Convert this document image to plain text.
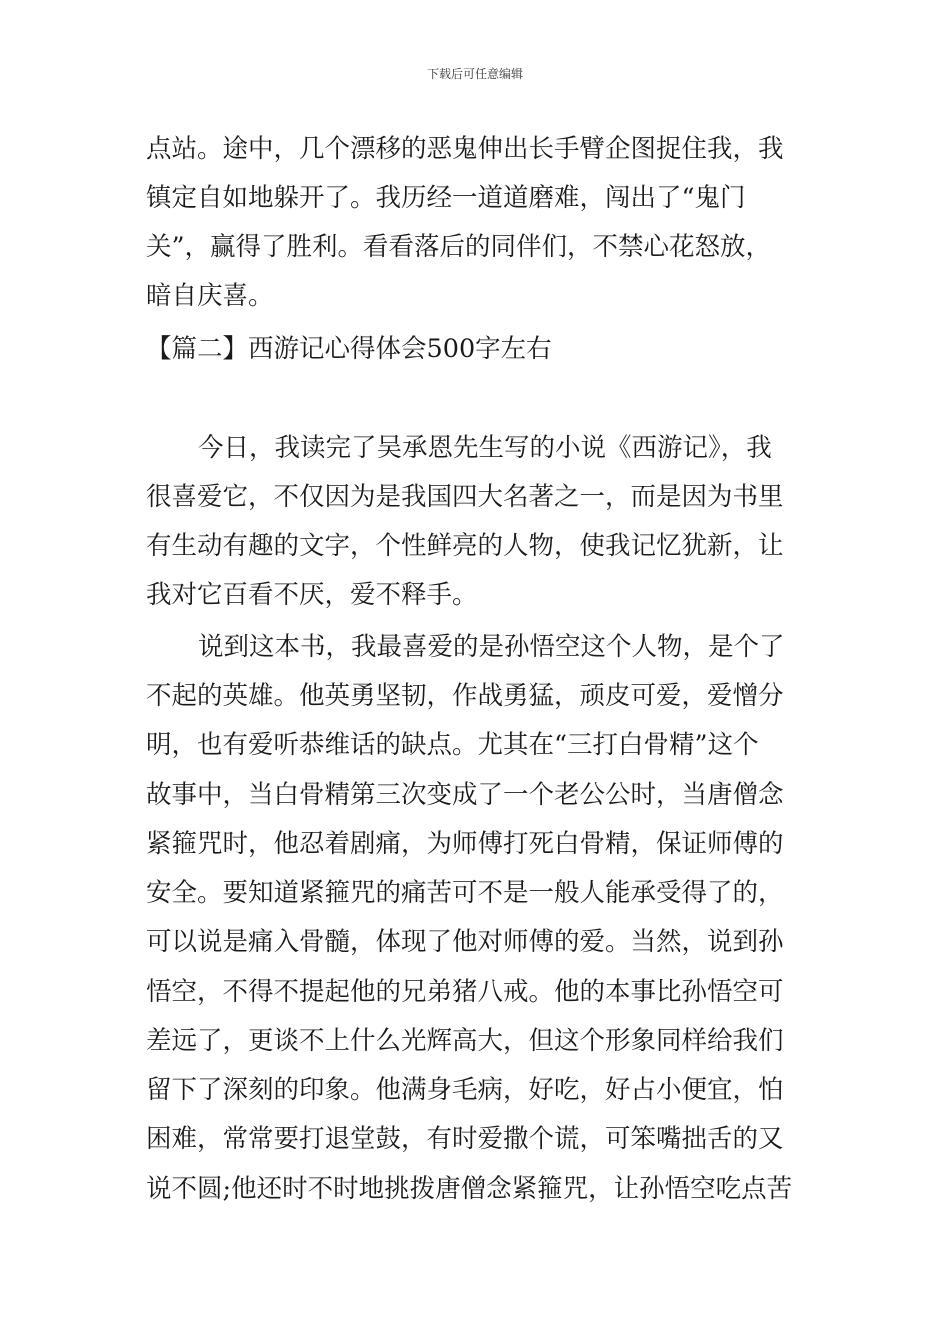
下载后可任意编辑
点站。途中，几个漂移的恶鬼伸出长手臂企图捉住我，我
镇定自如地躲开了。我历经一道道磨难，闯出了“鬼门
关”，赢得了胜利。看看落后的同伴们，不禁心花怒放，
暗自庆喜。
【篇二】西游记心得体会500字左右
今日，我读完了吴承恩先生写的小说《西游记》，我
很喜爱它，不仅因为是我国四大名著之一，而是因为书里
有生动有趣的文字，个性鲜亮的人物，使我记忆犹新，让
我对它百看不厌，爱不释手。
说到这本书，我最喜爱的是孙悟空这个人物，是个了
不起的英雄。他英勇坚韧，作战勇猛，顽皮可爱，爱憎分
明，也有爱听恭维话的缺点。尤其在“三打白骨精”这个
故事中，当白骨精第三次变成了一个老公公时，当唐僧念
紧箍咒时，他忍着剧痛，为师傅打死白骨精，保证师傅的
安全。要知道紧箍咒的痛苦可不是一般人能承受得了的，
可以说是痛入骨髓，体现了他对师傅的爱。当然，说到孙
悟空，不得不提起他的兄弟猪八戒。他的本事比孙悟空可
差远了，更谈不上什么光辉高大，但这个形象同样给我们
留下了深刻的印象。他满身毛病，好吃，好占小便宜，怕
困难，常常要打退堂鼓，有时爱撒个谎，可笨嘴拙舌的又
说不圆;他还时不时地挑拨唐僧念紧箍咒，让孙悟空吃点苦
